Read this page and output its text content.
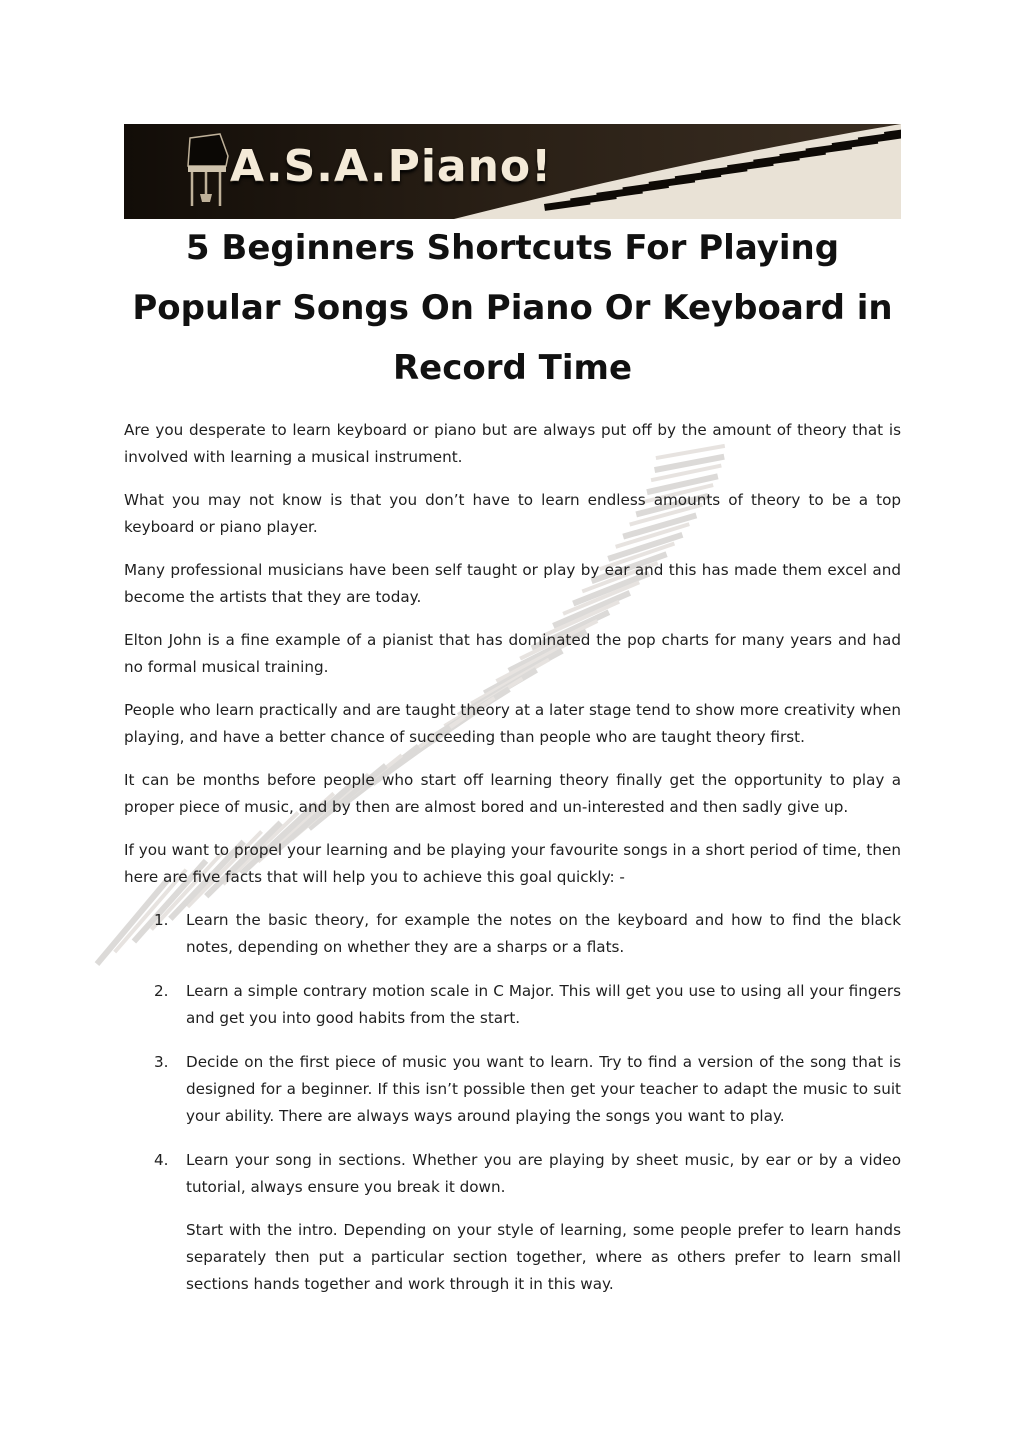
A.S.A.Piano!
5 Beginners Shortcuts For Playing Popular Songs On Piano Or Keyboard in Record Time

Are you desperate to learn keyboard or piano but are always put off by the amount of theory that is involved with learning a musical instrument.

What you may not know is that you don’t have to learn endless amounts of theory to be a top keyboard or piano player.

Many professional musicians have been self taught or play by ear and this has made them excel and become the artists that they are today.

Elton John is a fine example of a pianist that has dominated the pop charts for many years and had no formal musical training.

People who learn practically and are taught theory at a later stage tend to show more creativity when playing, and have a better chance of succeeding than people who are taught theory first.

It can be months before people who start off learning theory finally get the opportunity to play a proper piece of music, and by then are almost bored and un-interested and then sadly give up.

If you want to propel your learning and be playing your favourite songs in a short period of time, then here are five facts that will help you to achieve this goal quickly: -

1. Learn the basic theory, for example the notes on the keyboard and how to find the black notes, depending on whether they are a sharps or a flats.
2. Learn a simple contrary motion scale in C Major. This will get you use to using all your fingers and get you into good habits from the start.
3. Decide on the first piece of music you want to learn. Try to find a version of the song that is designed for a beginner. If this isn’t possible then get your teacher to adapt the music to suit your ability. There are always ways around playing the songs you want to play.
4. Learn your song in sections. Whether you are playing by sheet music, by ear or by a video tutorial, always ensure you break it down.

Start with the intro. Depending on your style of learning, some people prefer to learn hands separately then put a particular section together, where as others prefer to learn small sections hands together and work through it in this way.
